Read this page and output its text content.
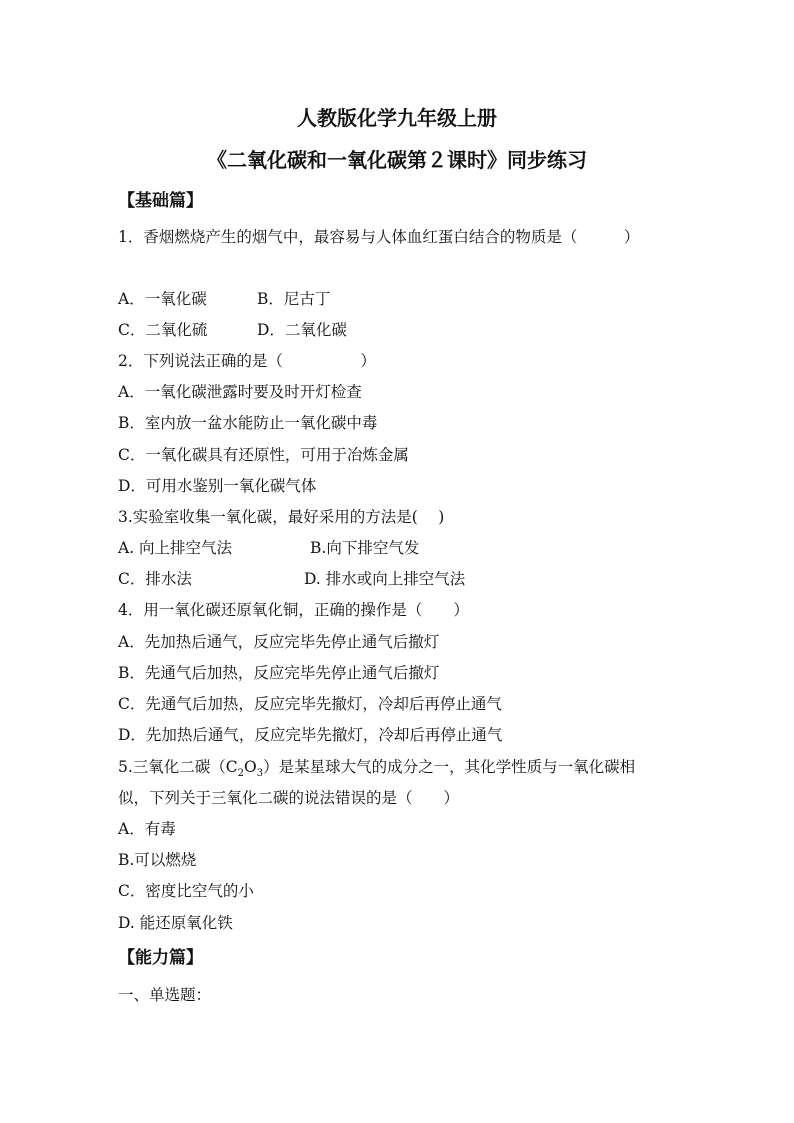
人教版化学九年级上册
《二氧化碳和一氧化碳第２课时》同步练习
【基础篇】
1．香烟燃烧产生的烟气中，最容易与人体血红蛋白结合的物质是（　　　）
A．一氧化碳	B．尼古丁
C．二氧化硫	D．二氧化碳
2．下列说法正确的是（　　　　　）
A．一氧化碳泄露时要及时开灯检查
B．室内放一盆水能防止一氧化碳中毒
C．一氧化碳具有还原性，可用于冶炼金属
D．可用水鉴别一氧化碳气体
3.实验室收集一氧化碳，最好采用的方法是(　 )
A. 向上排空气法	B.向下排空气发
C．排水法	D. 排水或向上排空气法
4．用一氧化碳还原氧化铜，正确的操作是（　　）
A．先加热后通气，反应完毕先停止通气后撤灯
B．先通气后加热，反应完毕先停止通气后撤灯
C．先通气后加热，反应完毕先撤灯，冷却后再停止通气
D．先加热后通气，反应完毕先撤灯，冷却后再停止通气
5.三氧化二碳$(C_2O_3)$是某星球大气的成分之一，其化学性质与一氧化碳相
似，下列关于三氧化二碳的说法错误的是（　　）
A．有毒
B.可以燃烧
C．密度比空气的小
D. 能还原氧化铁
【能力篇】
一、单选题：
